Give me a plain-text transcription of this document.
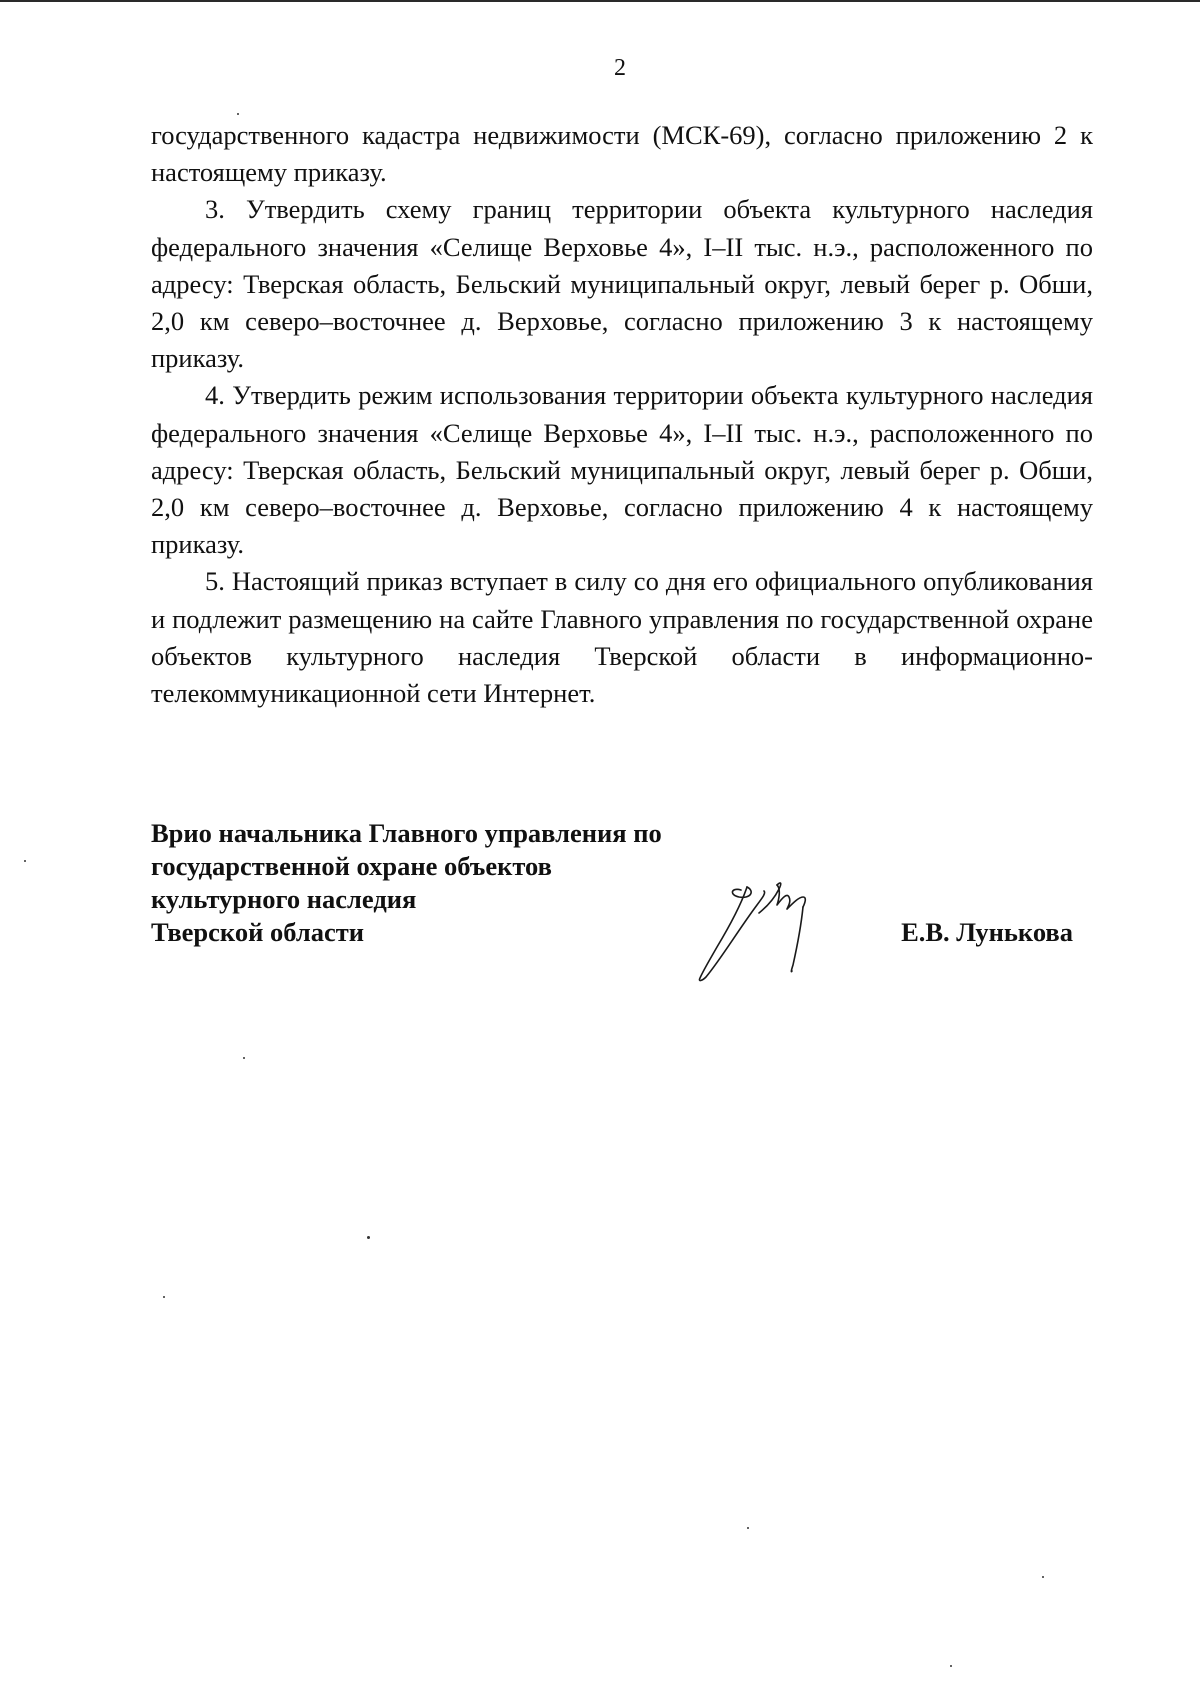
2

государственного кадастра недвижимости (МСК-69), согласно приложению 2 к настоящему приказу.

3. Утвердить схему границ территории объекта культурного наследия федерального значения «Селище Верховье 4», I–II тыс. н.э., расположенного по адресу: Тверская область, Бельский муниципальный округ, левый берег р. Обши, 2,0 км северо–восточнее д. Верховье, согласно приложению 3 к настоящему приказу.

4. Утвердить режим использования территории объекта культурного наследия федерального значения «Селище Верховье 4», I–II тыс. н.э., расположенного по адресу: Тверская область, Бельский муниципальный округ, левый берег р. Обши, 2,0 км северо–восточнее д. Верховье, согласно приложению 4 к настоящему приказу.

5. Настоящий приказ вступает в силу со дня его официального опубликования и подлежит размещению на сайте Главного управления по государственной охране объектов культурного наследия Тверской области в информационно-телекоммуникационной сети Интернет.

Врио начальника Главного управления по
государственной охране объектов
культурного наследия
Тверской области	Е.В. Лунькова
